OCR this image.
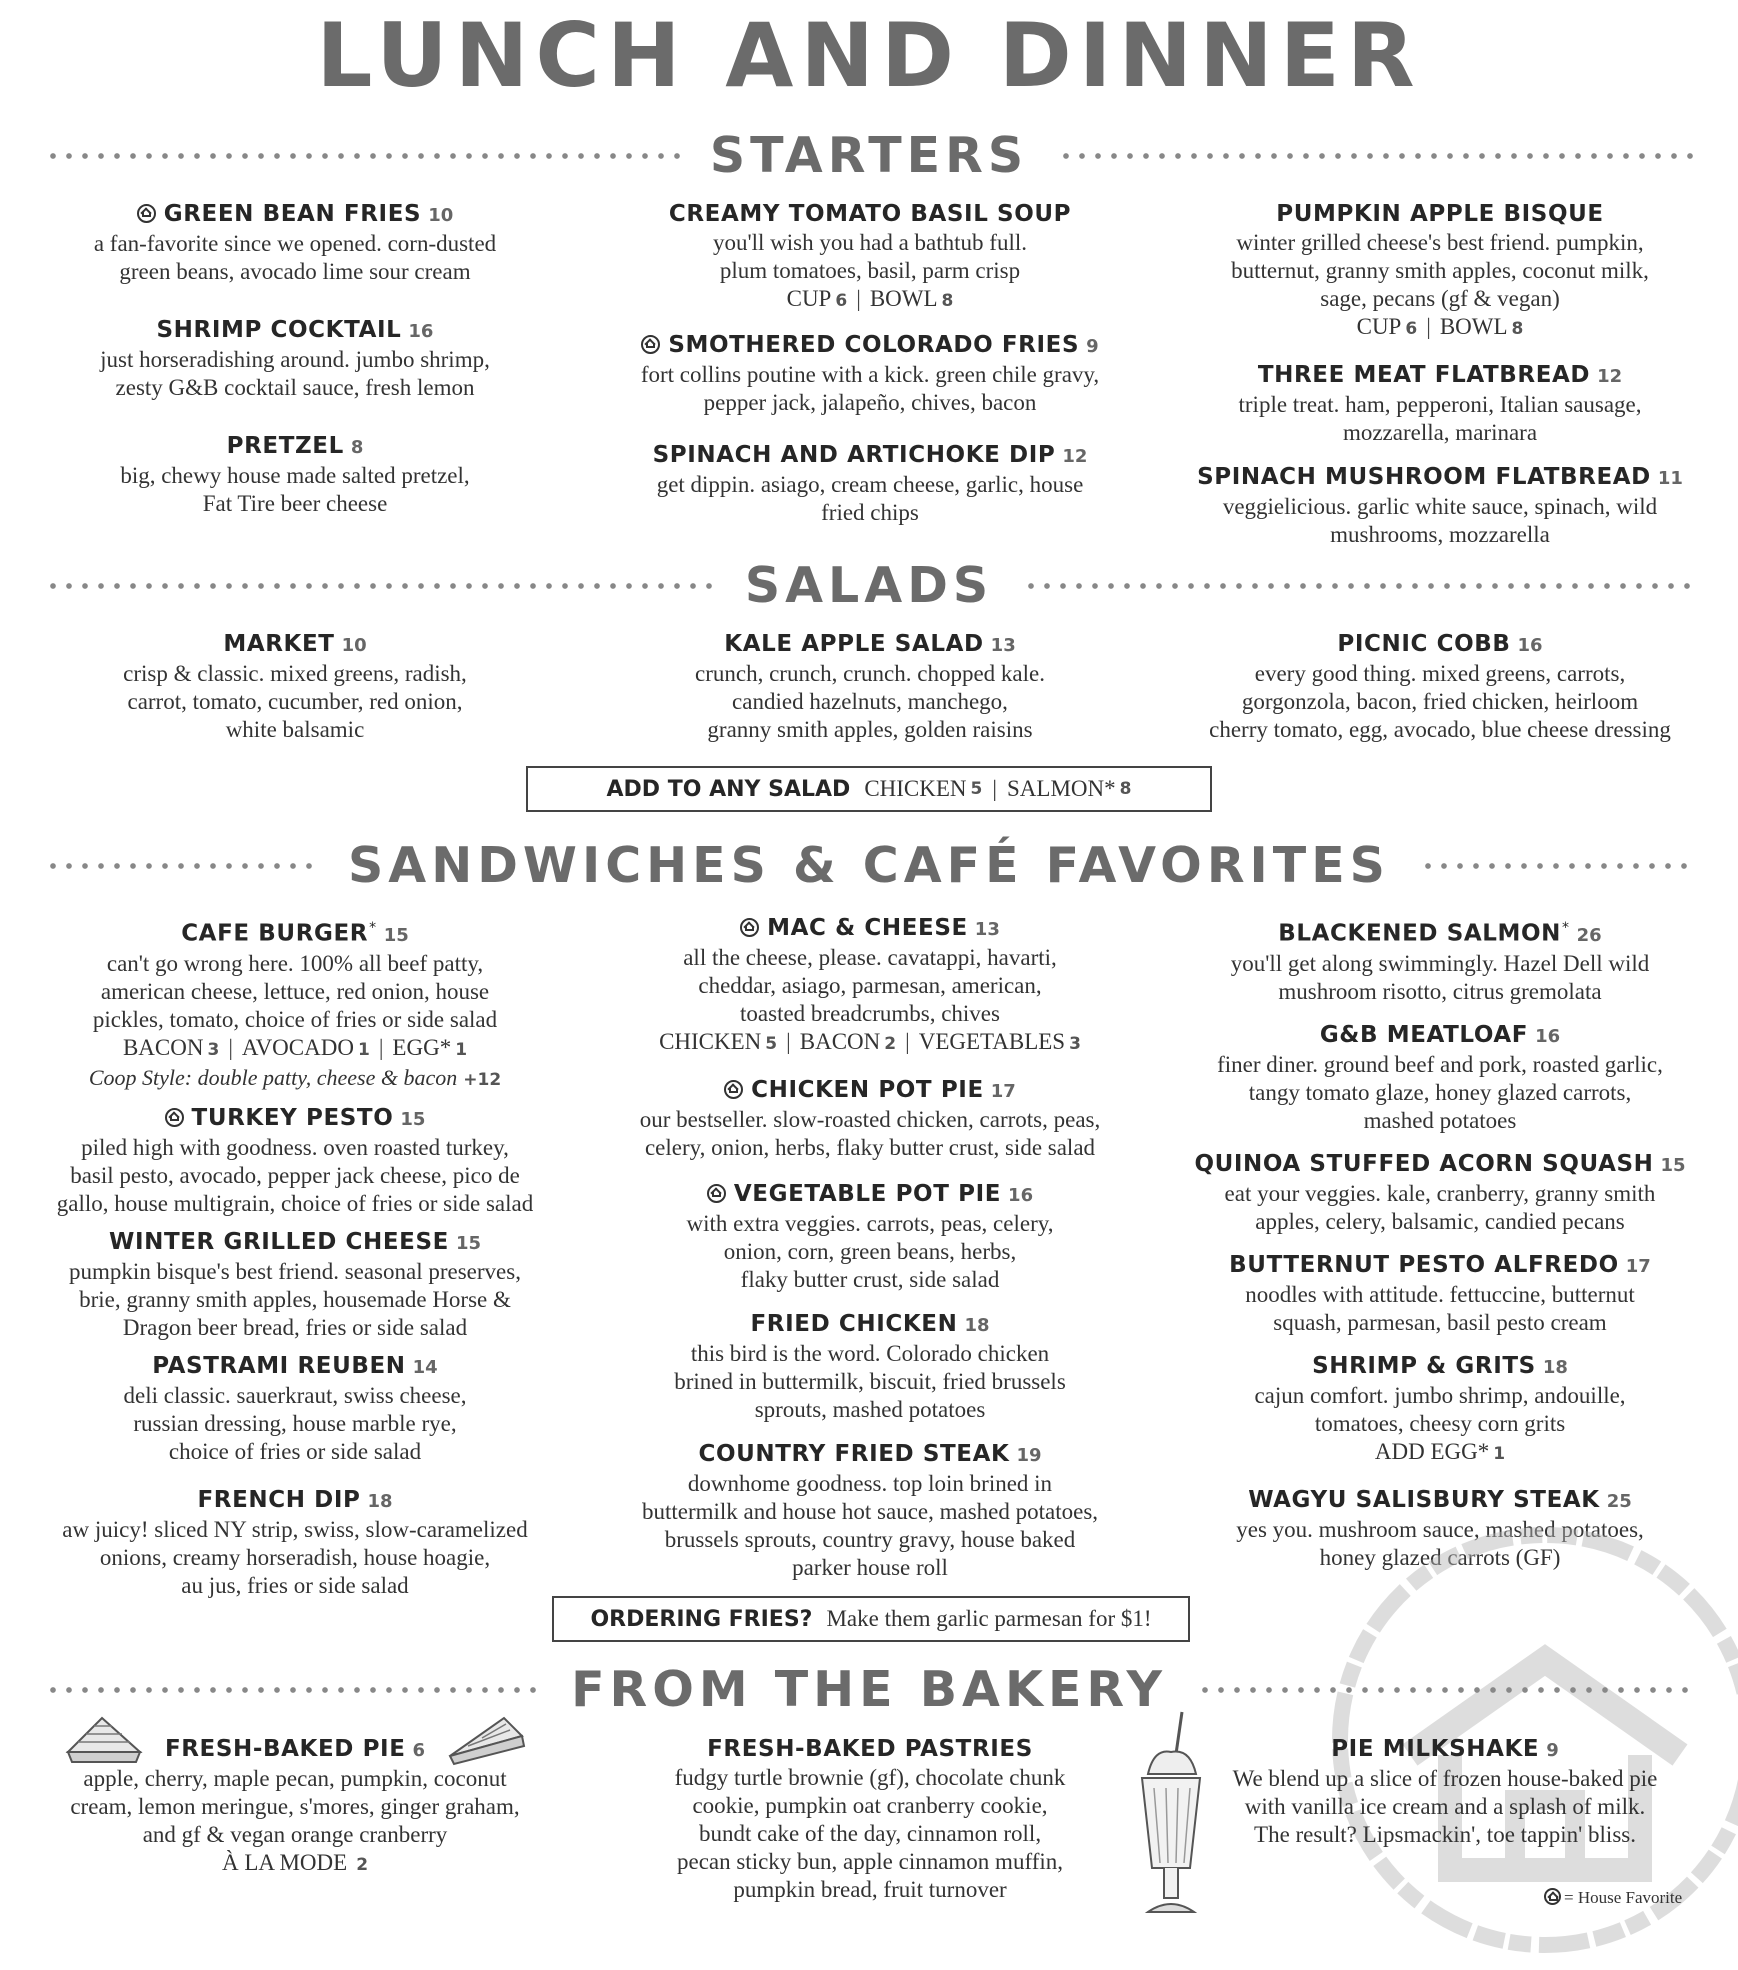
LUNCH AND DINNER
STARTERS
GREEN BEAN FRIES 10
a fan-favorite since we opened. corn-dusted
green beans, avocado lime sour cream
SHRIMP COCKTAIL 16
just horseradishing around. jumbo shrimp,
zesty G&B cocktail sauce, fresh lemon
PRETZEL 8
big, chewy house made salted pretzel,
Fat Tire beer cheese
CREAMY TOMATO BASIL SOUP
you'll wish you had a bathtub full.
plum tomatoes, basil, parm crisp
CUP 6 | BOWL 8
SMOTHERED COLORADO FRIES 9
fort collins poutine with a kick. green chile gravy,
pepper jack, jalapeño, chives, bacon
SPINACH AND ARTICHOKE DIP 12
get dippin. asiago, cream cheese, garlic, house
fried chips
PUMPKIN APPLE BISQUE
winter grilled cheese's best friend. pumpkin,
butternut, granny smith apples, coconut milk,
sage, pecans (gf & vegan)
CUP 6 | BOWL 8
THREE MEAT FLATBREAD 12
triple treat. ham, pepperoni, Italian sausage,
mozzarella, marinara
SPINACH MUSHROOM FLATBREAD 11
veggielicious. garlic white sauce, spinach, wild
mushrooms, mozzarella
SALADS
MARKET 10
crisp & classic. mixed greens, radish,
carrot, tomato, cucumber, red onion,
white balsamic
KALE APPLE SALAD 13
crunch, crunch, crunch. chopped kale.
candied hazelnuts, manchego,
granny smith apples, golden raisins
PICNIC COBB 16
every good thing. mixed greens, carrots,
gorgonzola, bacon, fried chicken, heirloom
cherry tomato, egg, avocado, blue cheese dressing
ADD TO ANY SALAD CHICKEN 5 | SALMON* 8
SANDWICHES & CAFÉ FAVORITES
CAFE BURGER* 15
can't go wrong here. 100% all beef patty,
american cheese, lettuce, red onion, house
pickles, tomato, choice of fries or side salad
BACON 3 | AVOCADO 1 | EGG* 1
Coop Style: double patty, cheese & bacon +12
TURKEY PESTO 15
piled high with goodness. oven roasted turkey,
basil pesto, avocado, pepper jack cheese, pico de
gallo, house multigrain, choice of fries or side salad
WINTER GRILLED CHEESE 15
pumpkin bisque's best friend. seasonal preserves,
brie, granny smith apples, housemade Horse &
Dragon beer bread, fries or side salad
PASTRAMI REUBEN 14
deli classic. sauerkraut, swiss cheese,
russian dressing, house marble rye,
choice of fries or side salad
FRENCH DIP 18
aw juicy! sliced NY strip, swiss, slow-caramelized
onions, creamy horseradish, house hoagie,
au jus, fries or side salad
MAC & CHEESE 13
all the cheese, please. cavatappi, havarti,
cheddar, asiago, parmesan, american,
toasted breadcrumbs, chives
CHICKEN 5 | BACON 2 | VEGETABLES 3
CHICKEN POT PIE 17
our bestseller. slow-roasted chicken, carrots, peas,
celery, onion, herbs, flaky butter crust, side salad
VEGETABLE POT PIE 16
with extra veggies. carrots, peas, celery,
onion, corn, green beans, herbs,
flaky butter crust, side salad
FRIED CHICKEN 18
this bird is the word. Colorado chicken
brined in buttermilk, biscuit, fried brussels
sprouts, mashed potatoes
COUNTRY FRIED STEAK 19
downhome goodness. top loin brined in
buttermilk and house hot sauce, mashed potatoes,
brussels sprouts, country gravy, house baked
parker house roll
BLACKENED SALMON* 26
you'll get along swimmingly. Hazel Dell wild
mushroom risotto, citrus gremolata
G&B MEATLOAF 16
finer diner. ground beef and pork, roasted garlic,
tangy tomato glaze, honey glazed carrots,
mashed potatoes
QUINOA STUFFED ACORN SQUASH 15
eat your veggies. kale, cranberry, granny smith
apples, celery, balsamic, candied pecans
BUTTERNUT PESTO ALFREDO 17
noodles with attitude. fettuccine, butternut
squash, parmesan, basil pesto cream
SHRIMP & GRITS 18
cajun comfort. jumbo shrimp, andouille,
tomatoes, cheesy corn grits
ADD EGG* 1
WAGYU SALISBURY STEAK 25
yes you. mushroom sauce, mashed potatoes,
honey glazed carrots (GF)
ORDERING FRIES? Make them garlic parmesan for $1!
FROM THE BAKERY
FRESH-BAKED PIE 6
apple, cherry, maple pecan, pumpkin, coconut
cream, lemon meringue, s'mores, ginger graham,
and gf & vegan orange cranberry
À LA MODE 2
FRESH-BAKED PASTRIES
fudgy turtle brownie (gf), chocolate chunk
cookie, pumpkin oat cranberry cookie,
bundt cake of the day, cinnamon roll,
pecan sticky bun, apple cinnamon muffin,
pumpkin bread, fruit turnover
PIE MILKSHAKE 9
We blend up a slice of frozen house-baked pie
with vanilla ice cream and a splash of milk.
The result? Lipsmackin', toe tappin' bliss.
= House Favorite
